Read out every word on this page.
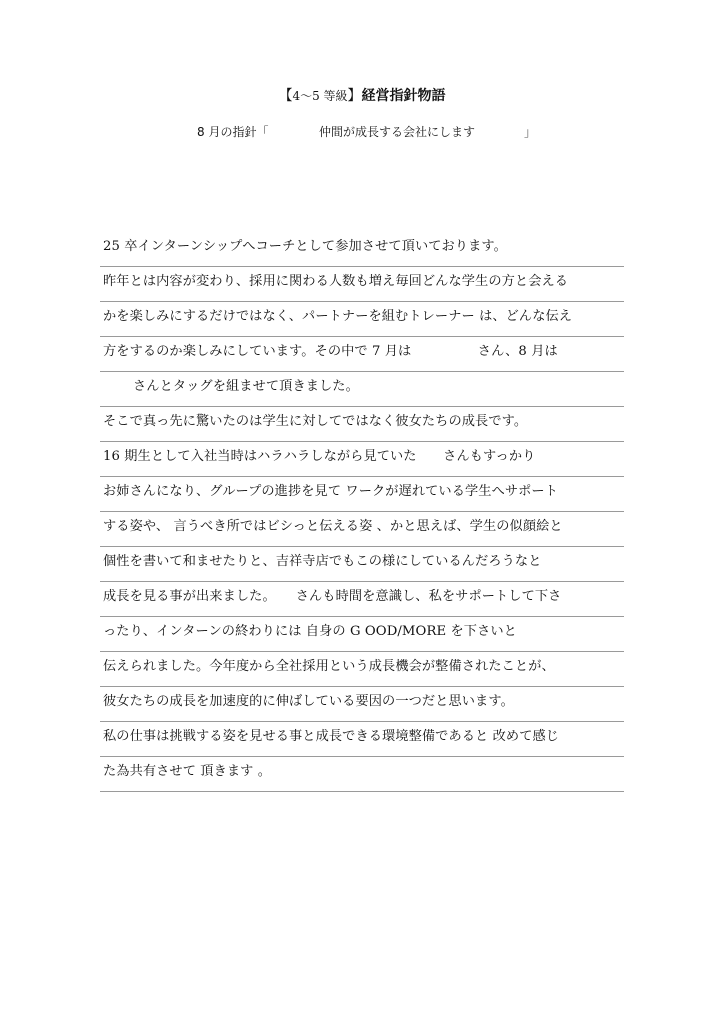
【4～5 等級】経営指針物語
8 月の指針「	仲間が成長する会社にします	」
25 卒インターンシップへコーチとして参加させて頂いております。
昨年とは内容が変わり、採用に関わる人数も増え毎回どんな学生の方と会える
かを楽しみにするだけではなく、パートナーを組むトレーナー は、どんな伝え
方をするのか楽しみにしています。その中で 7 月は　　　　　さん、8 月は
さんとタッグを組ませて頂きました。
そこで真っ先に驚いたのは学生に対してではなく彼女たちの成長です。
16 期生として入社当時はハラハラしながら見ていた　　さんもすっかり
お姉さんになり、グループの進捗を見て ワークが遅れている学生へサポート
する姿や、 言うべき所ではビシっと伝える姿 、かと思えば、学生の似顔絵と
個性を書いて和ませたりと、吉祥寺店でもこの様にしているんだろうなと
成長を見る事が出来ました。　　さんも時間を意識し、私をサポートして下さ
ったり、インターンの終わりには 自身の G OOD/MORE を下さいと
伝えられました。今年度から全社採用という成長機会が整備されたことが、
彼女たちの成長を加速度的に伸ばしている要因の一つだと思います。
私の仕事は挑戦する姿を見せる事と成長できる環境整備であると 改めて感じ
た為共有させて 頂きます 。
